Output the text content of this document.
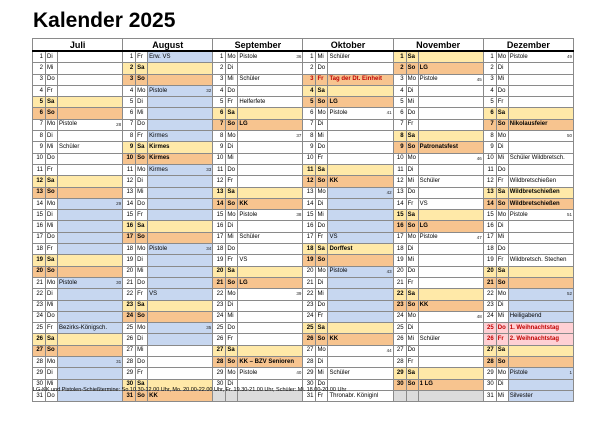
Kalender 2025
Juli			August			September			Oktober			November			Dezember		
1	Di		1	Fr	Erw. VS	1	Mo	Pistole 36	1	Mi	Schüler	1	Sa		1	Mo	Pistole 49

2	Mi		2	Sa		2	Di		2	Do		2	So	LG	2	Di	
3	Do		3	So		3	Mi	Schüler	3	Fr	Tag der Dt. Einheit	3	Mo	Pistole 45	3	Mi	
4	Fr		4	Mo	Pistole 32	4	Do		4	Sa		4	Di		4	Do	
5	Sa		5	Di		5	Fr	Helferfete	5	So	LG	5	Mi		5	Fr	
6	So		6	Mi		6	Sa		6	Mo	Pistole 41	6	Do		6	Sa	
7	Mo	Pistole 28	7	Do		7	So	LG	7	Di		7	Fr		7	So	Nikolausfeier
8	Di		8	Fr	Kirmes	8	Mo	37	8	Mi		8	Sa		8	Mo	50

9	Mi	Schüler	9	Sa	Kirmes	9	Di		9	Do		9	So	Patronatsfest	9	Di	
10	Do		10	So	Kirmes	10	Mi		10	Fr		10	Mo	46	10	Mi	Schüler Wildbretsch.
11	Fr		11	Mo	Kirmes 33	11	Do		11	Sa		11	Di		11	Do	
12	Sa		12	Di		12	Fr		12	So	KK	12	Mi	Schüler	12	Fr	Wildbretschießen
13	So		13	Mi		13	Sa		13	Mo	42	13	Do		13	Sa	Wildbretschießen
14	Mo	29	14	Do		14	So	KK	14	Di		14	Fr	VS	14	So	Wildbretschießen
15	Di		15	Fr		15	Mo	Pistole 38	15	Mi		15	Sa		15	Mo	Pistole 51

16	Mi		16	Sa		16	Di		16	Do		16	So	LG	16	Di	
17	Do		17	So		17	Mi	Schüler	17	Fr	VS	17	Mo	Pistole 47	17	Mi	
18	Fr		18	Mo	Pistole 34	18	Do		18	Sa	Dorffest	18	Di		18	Do	
19	Sa		19	Di		19	Fr	VS	19	So		19	Mi		19	Fr	Wildbretsch. Stechen
20	So		20	Mi		20	Sa		20	Mo	Pistole 43	20	Do		20	Sa	
21	Mo	Pistole 30	21	Do		21	So	LG	21	Di		21	Fr		21	So	
22	Di		22	Fr	VS	22	Mo	39	22	Mi		22	Sa		22	Mo	52

23	Mi		23	Sa		23	Di		23	Do		23	So	KK	23	Di	
24	Do		24	So		24	Mi		24	Fr		24	Mo	48	24	Mi	Heiligabend
25	Fr	Bezirks-Königsch.	25	Mo	35	25	Do		25	Sa		25	Di		25	Do	1. Weihnachtstag
26	Sa		26	Di		26	Fr		26	So	KK	26	Mi	Schüler	26	Fr	2. Weihnachtstag
27	So		27	Mi		27	Sa		27	Mo	44	27	Do		27	Sa	
28	Mo	31	28	Do		28	So	KK – BZV Senioren	28	Di		28	Fr		28	So	
29	Di		29	Fr		29	Mo	Pistole 40	29	Mi	Schüler	29	Sa		29	Mo	Pistole 1

30	Mi		30	Sa		30	Di		30	Do		30	So	1 LG	30	Di	
31	Do		31	So	KK				31	Fr	Thronabr. Königinl				31	Mi	Silvester
LG-KK und Pistolen-Schießtermine: So.10.30-12.00 Uhr, Mo. 20.00-22.00 Uhr, Fr. 19.30-21.00 Uhr, Schüler: Mi. 18.00-20.00 Uhr
